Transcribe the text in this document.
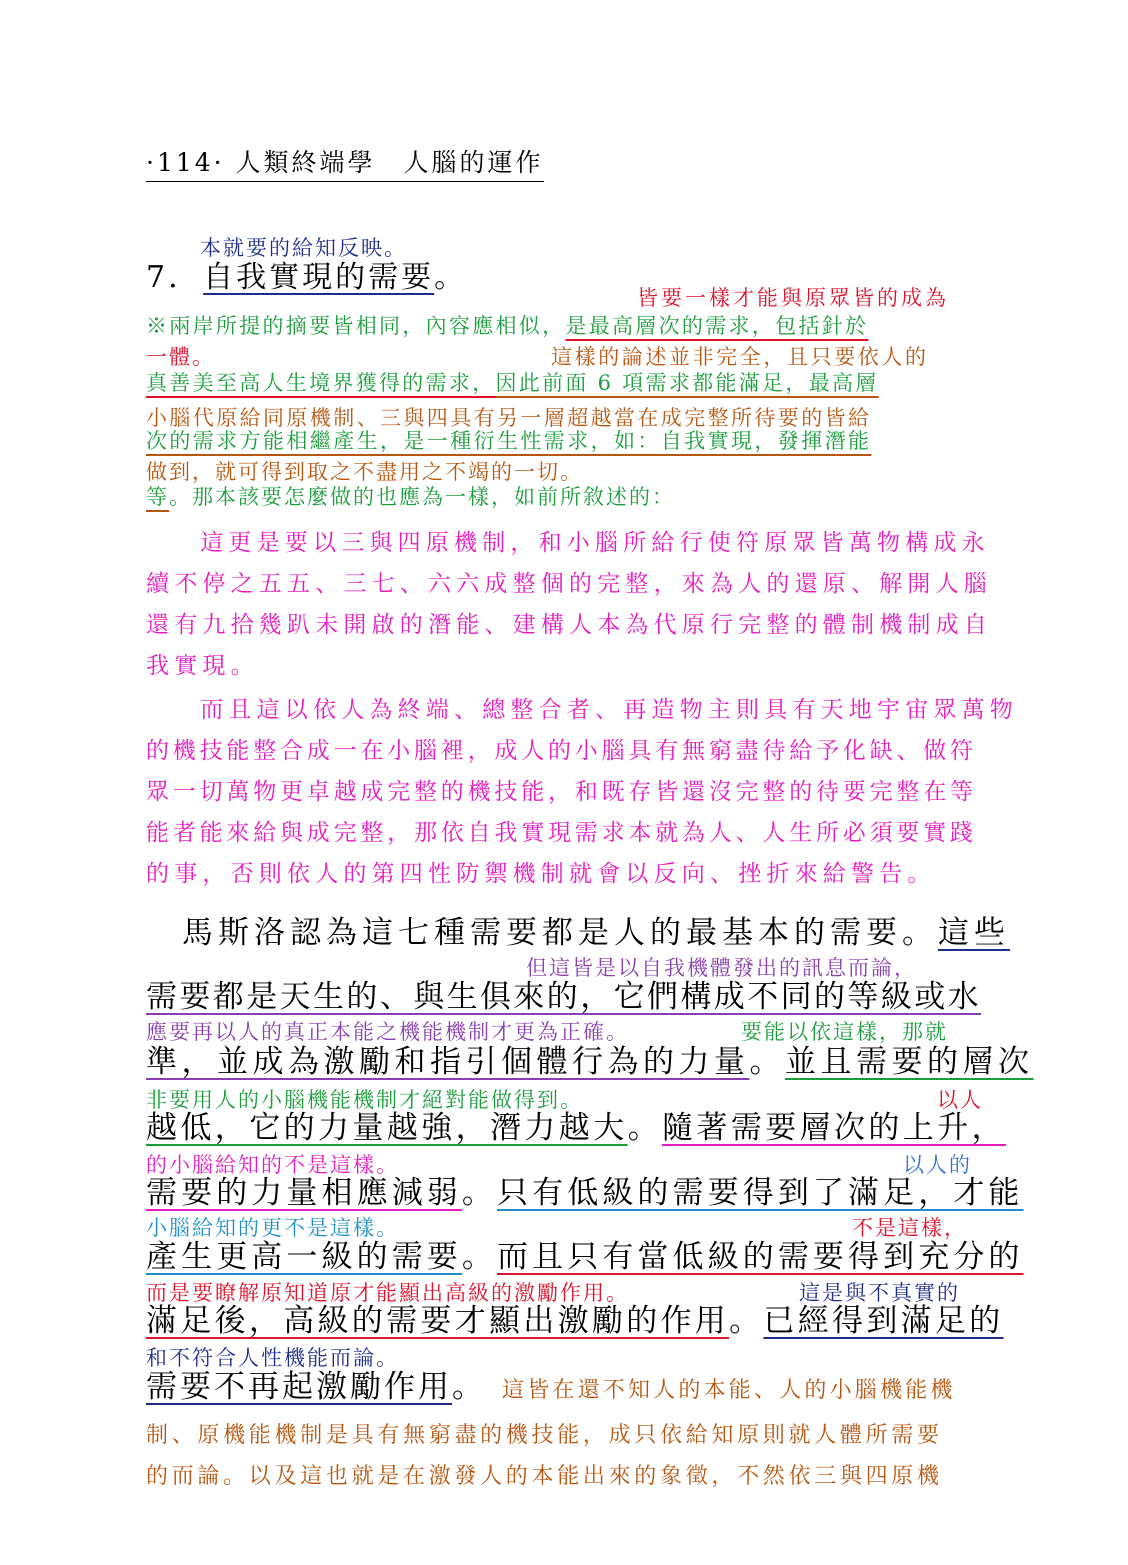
·114· 人類終端學　人腦的運作
本就要的給知反映。
7. 自我實現的需要。
皆要一樣才能與原眾皆的成為
※兩岸所提的摘要皆相同，內容應相似，是最高層次的需求，包括針於
一體。	這樣的論述並非完全，且只要依人的
真善美至高人生境界獲得的需求，因此前面 6 項需求都能滿足，最高層
小腦代原給同原機制、三與四具有另一層超越當在成完整所待要的皆給
次的需求方能相繼產生，是一種衍生性需求，如：自我實現，發揮潛能
做到，就可得到取之不盡用之不竭的一切。
等。那本該要怎麼做的也應為一樣，如前所敘述的：
　這更是要以三與四原機制，和小腦所給行使符原眾皆萬物構成永
續不停之五五、三七、六六成整個的完整，來為人的還原、解開人腦
還有九拾幾趴未開啟的潛能、建構人本為代原行完整的體制機制成自
我實現。
　而且這以依人為終端、總整合者、再造物主則具有天地宇宙眾萬物
的機技能整合成一在小腦裡，成人的小腦具有無窮盡待給予化缺、做符
眾一切萬物更卓越成完整的機技能，和既存皆還沒完整的待要完整在等
能者能來給與成完整，那依自我實現需求本就為人、人生所必須要實踐
的事，否則依人的第四性防禦機制就會以反向、挫折來給警告。
　馬斯洛認為這七種需要都是人的最基本的需要。這些
但這皆是以自我機體發出的訊息而論，
需要都是天生的、與生俱來的，它們構成不同的等級或水
應要再以人的真正本能之機能機制才更為正確。	要能以依這樣，那就
準，並成為激勵和指引個體行為的力量。並且需要的層次
非要用人的小腦機能機制才絕對能做得到。	以人
越低，它的力量越強，潛力越大。隨著需要層次的上升，
的小腦給知的不是這樣。	以人的
需要的力量相應減弱。只有低級的需要得到了滿足，才能
小腦給知的更不是這樣。	不是這樣，
產生更高一級的需要。而且只有當低級的需要得到充分的
而是要瞭解原知道原才能顯出高級的激勵作用。	這是與不真實的
滿足後，高級的需要才顯出激勵的作用。已經得到滿足的
和不符合人性機能而論。
需要不再起激勵作用。 這皆在還不知人的本能、人的小腦機能機
制、原機能機制是具有無窮盡的機技能，成只依給知原則就人體所需要
的而論。以及這也就是在激發人的本能出來的象徵，不然依三與四原機
